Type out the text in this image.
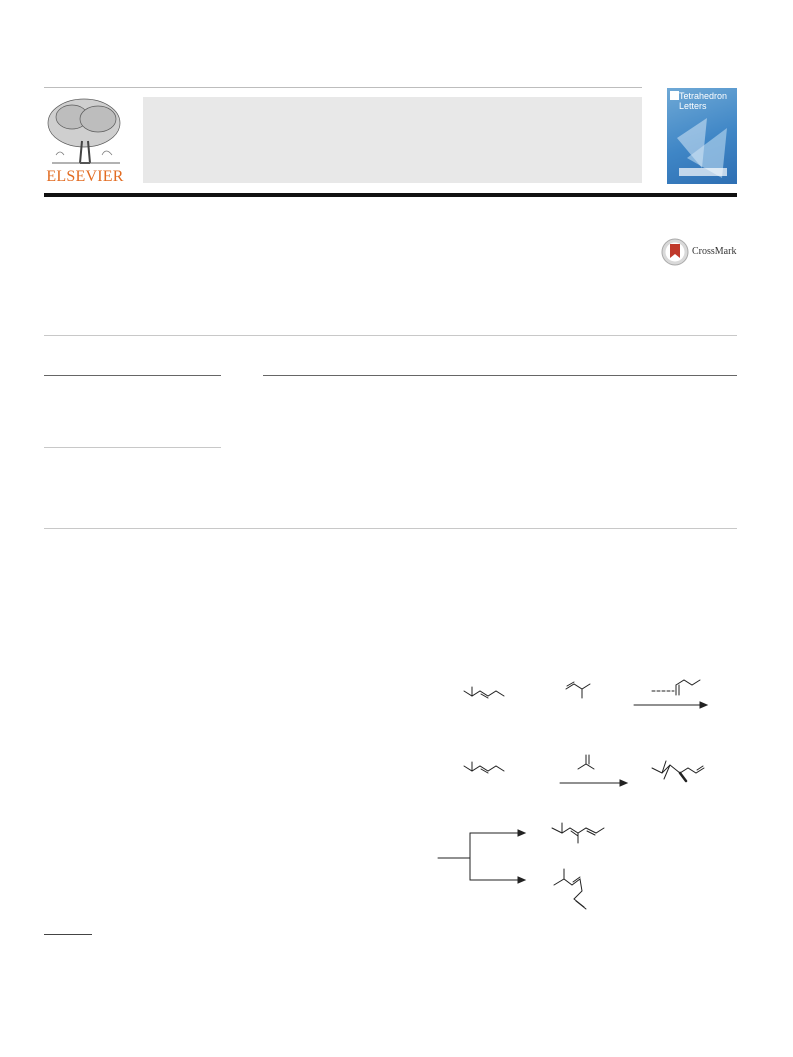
ELSEVIER
Tetrahedron Letters
CrossMark
